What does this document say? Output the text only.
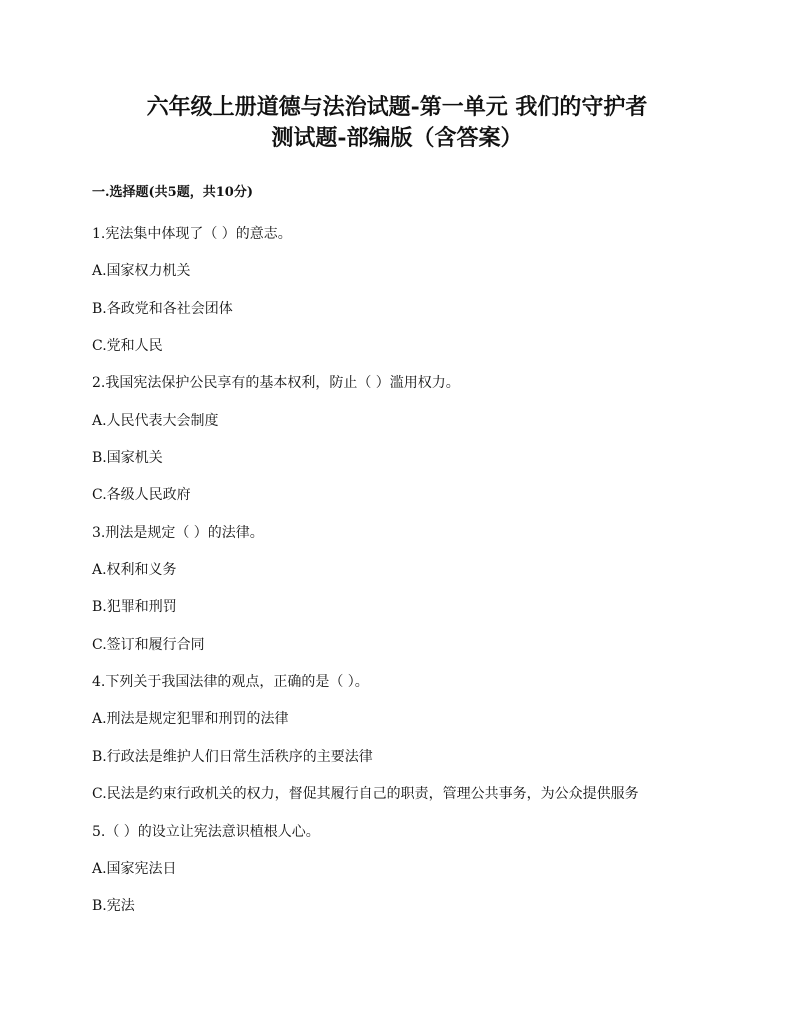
六年级上册道德与法治试题-第一单元 我们的守护者
测试题-部编版（含答案）
一.选择题(共5题，共10分)
1.宪法集中体现了（ ）的意志。
A.国家权力机关
B.各政党和各社会团体
C.党和人民
2.我国宪法保护公民享有的基本权利，防止（ ）滥用权力。
A.人民代表大会制度
B.国家机关
C.各级人民政府
3.刑法是规定（ ）的法律。
A.权利和义务
B.犯罪和刑罚
C.签订和履行合同
4.下列关于我国法律的观点，正确的是（ ）。
A.刑法是规定犯罪和刑罚的法律
B.行政法是维护人们日常生活秩序的主要法律
C.民法是约束行政机关的权力，督促其履行自己的职责，管理公共事务，为公众提供服务
5.（ ）的设立让宪法意识植根人心。
A.国家宪法日
B.宪法
